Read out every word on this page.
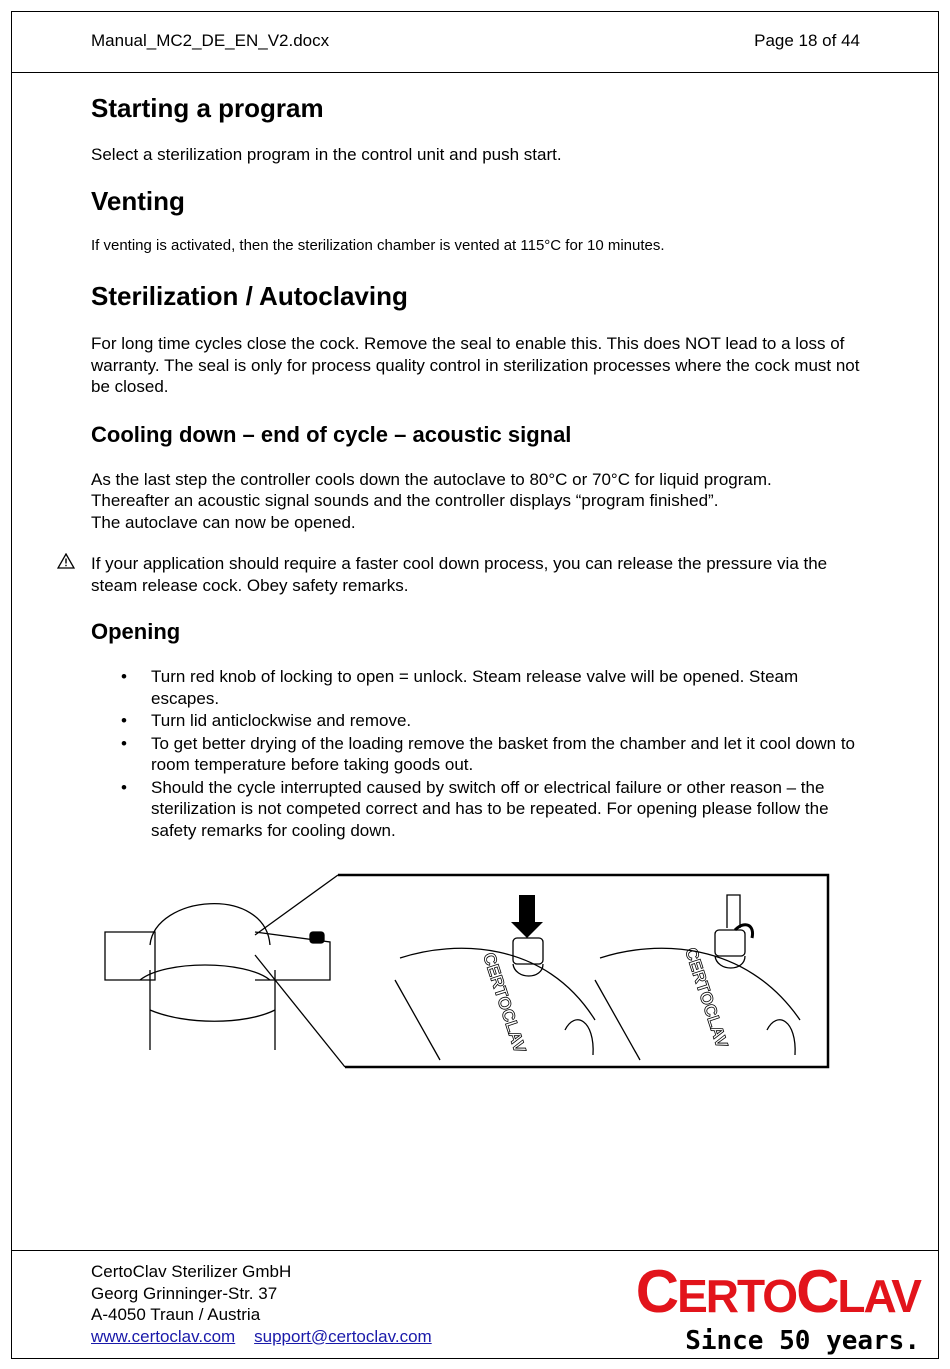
Manual_MC2_DE_EN_V2.docx	Page 18 of 44
Starting a program

Select a sterilization program in the control unit and push start.

Venting

If venting is activated, then the sterilization chamber is vented at 115°C for 10 minutes.

Sterilization / Autoclaving

For long time cycles close the cock. Remove the seal to enable this. This does NOT lead to a loss of warranty. The seal is only for process quality control in sterilization processes where the cock must not be closed.

Cooling down – end of cycle – acoustic signal

As the last step the controller cools down the autoclave to 80°C or 70°C for liquid program.

Thereafter an acoustic signal sounds and the controller displays “program finished”.

The autoclave can now be opened.

If your application should require a faster cool down process, you can release the pressure via the steam release cock. Obey safety remarks.

Opening
• Turn red knob of locking to open = unlock. Steam release valve will be opened. Steam escapes.
• Turn lid anticlockwise and remove.
• To get better drying of the loading remove the basket from the chamber and let it cool down to room temperature before taking goods out.
• Should the cycle interrupted caused by switch off or electrical failure or other reason – the sterilization is not competed correct and has to be repeated. For opening please follow the safety remarks for cooling down.
CERTOCLAV	CERTOCLAV
CertoClav Sterilizer GmbH
Georg Grinninger-Str. 37
A-4050 Traun / Austria
www.certoclav.com support@certoclav.com
CERTOCLAV
Since 50 years.
